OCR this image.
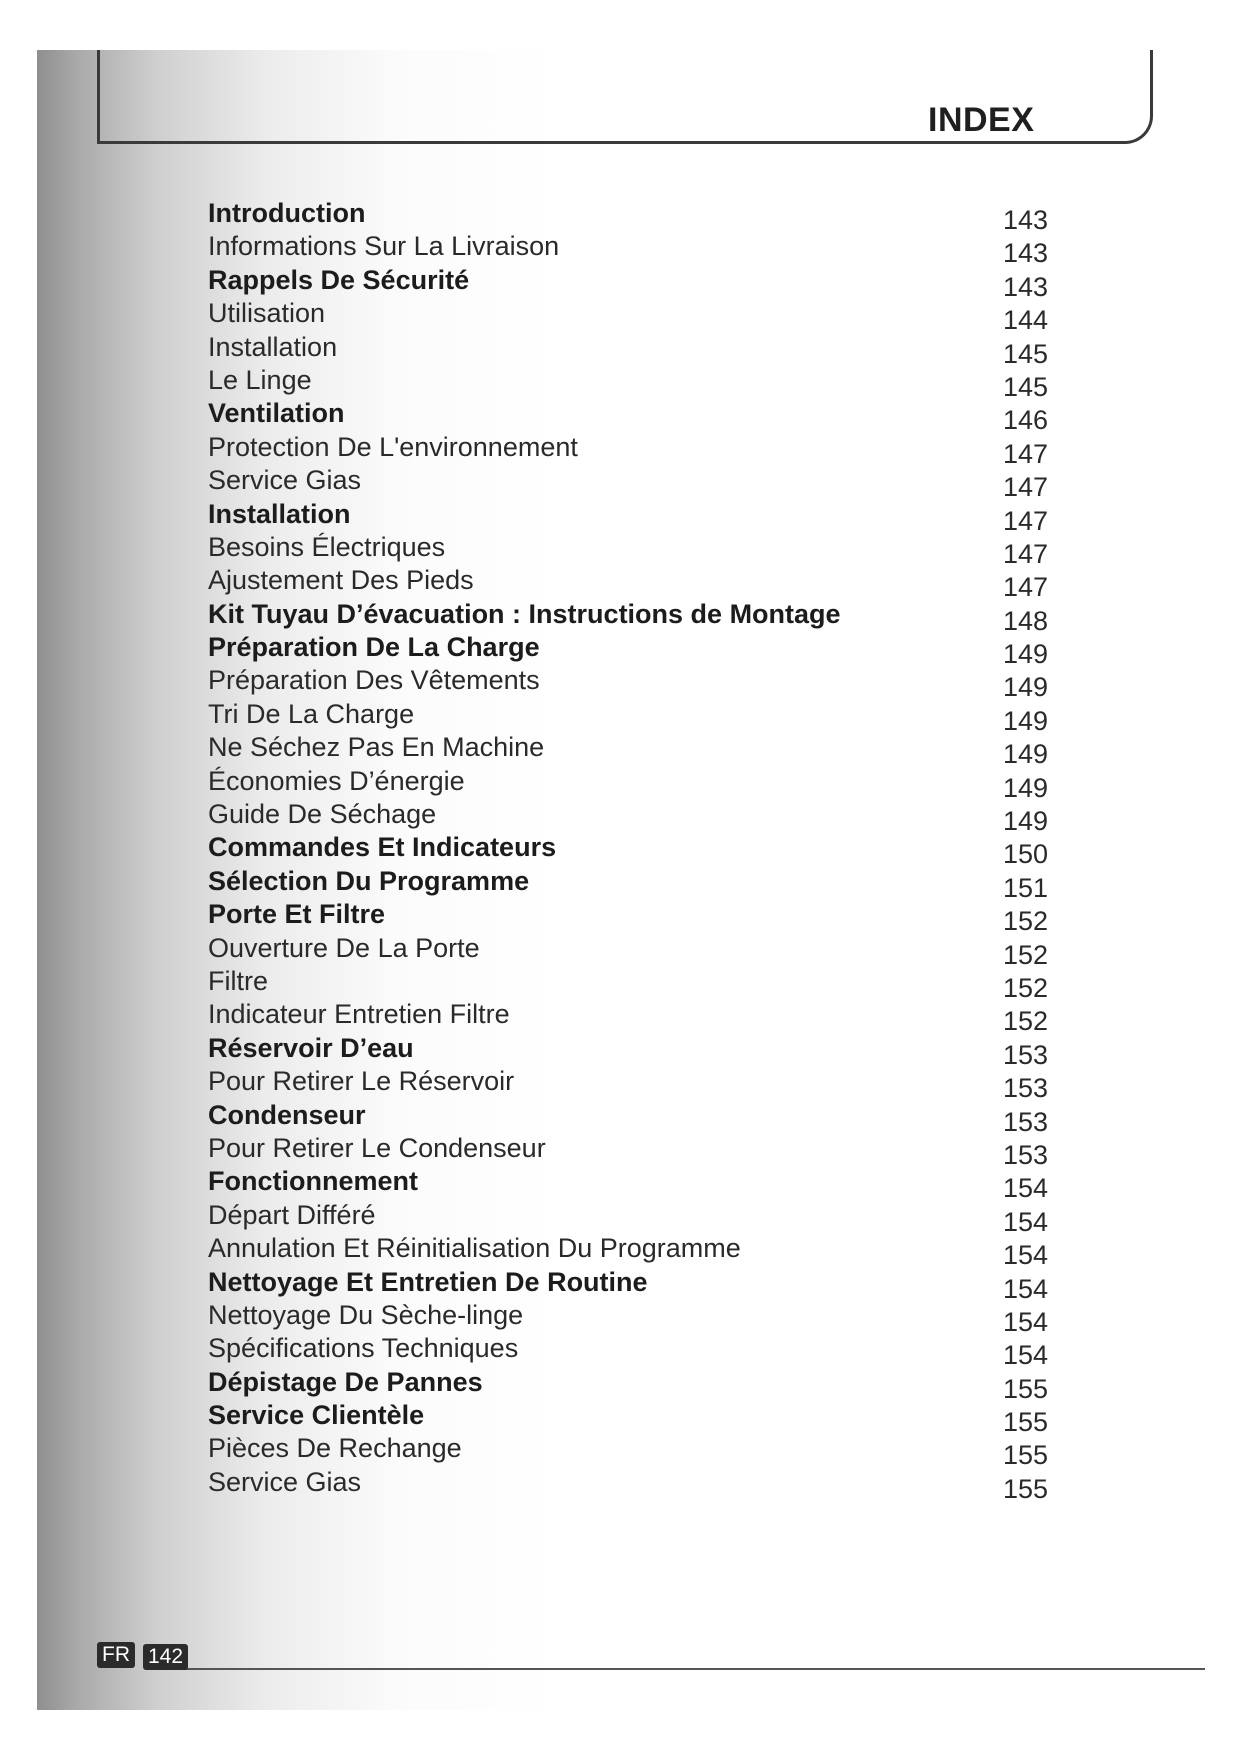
INDEX
Introduction	143
Informations Sur La Livraison	143
Rappels De Sécurité	143
Utilisation	144
Installation	145
Le Linge	145
Ventilation	146
Protection De L'environnement	147
Service Gias	147
Installation	147
Besoins Électriques	147
Ajustement Des Pieds	147
Kit Tuyau D’évacuation : Instructions de Montage	148
Préparation De La Charge	149
Préparation Des Vêtements	149
Tri De La Charge	149
Ne Séchez Pas En Machine	149
Économies D’énergie	149
Guide De Séchage	149
Commandes Et Indicateurs	150
Sélection Du Programme	151
Porte Et Filtre	152
Ouverture De La Porte	152
Filtre	152
Indicateur Entretien Filtre	152
Réservoir D’eau	153
Pour Retirer Le Réservoir	153
Condenseur	153
Pour Retirer Le Condenseur	153
Fonctionnement	154
Départ Différé	154
Annulation Et Réinitialisation Du Programme	154
Nettoyage Et Entretien De Routine	154
Nettoyage Du Sèche-linge	154
Spécifications Techniques	154
Dépistage De Pannes	155
Service Clientèle	155
Pièces De Rechange	155
Service Gias	155
FR 142
